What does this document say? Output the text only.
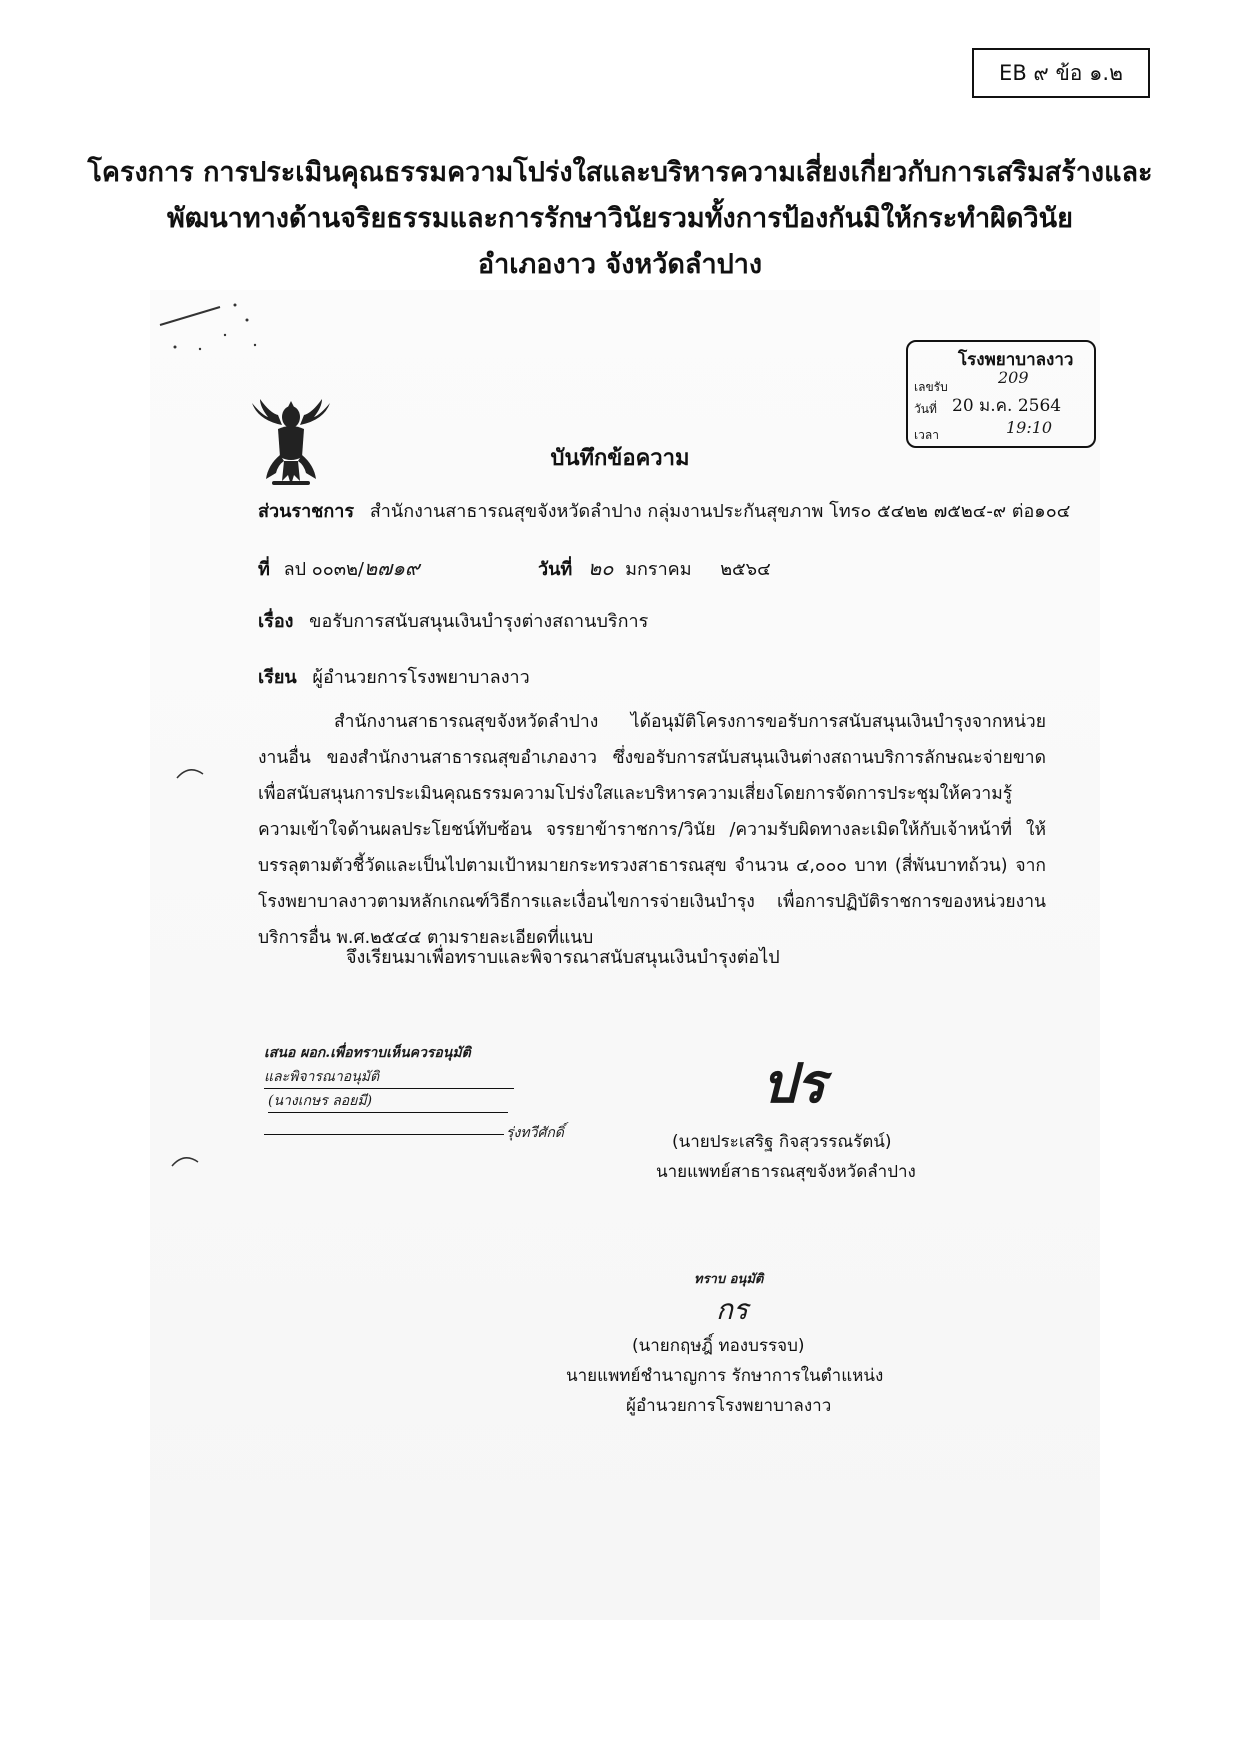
EB ๙ ข้อ ๑.๒
โครงการ การประเมินคุณธรรมความโปร่งใสและบริหารความเสี่ยงเกี่ยวกับการเสริมสร้างและ
พัฒนาทางด้านจริยธรรมและการรักษาวินัยรวมทั้งการป้องกันมิให้กระทำผิดวินัย
อำเภองาว จังหวัดลำปาง
โรงพยาบาลงาว
209
เลขรับ
วันที่ 20 ม.ค. 2564
เวลา	19:10
บันทึกข้อความ
ส่วนราชการ สำนักงานสาธารณสุขจังหวัดลำปาง กลุ่มงานประกันสุขภาพ โทร๐ ๕๔๒๒ ๗๕๒๔-๙ ต่อ๑๐๔
ที่ ลป ๐๐๓๒/๒๗๑๙	วันที่ ๒๐ มกราคม     ๒๕๖๔
เรื่อง ขอรับการสนับสนุนเงินบำรุงต่างสถานบริการ
เรียน ผู้อำนวยการโรงพยาบาลงาว
สำนักงานสาธารณสุขจังหวัดลำปาง ได้อนุมัติโครงการขอรับการสนับสนุนเงินบำรุงจากหน่วยงานอื่น ของสำนักงานสาธารณสุขอำเภองาว ซึ่งขอรับการสนับสนุนเงินต่างสถานบริการลักษณะจ่ายขาด เพื่อสนับสนุนการประเมินคุณธรรมความโปร่งใสและบริหารความเสี่ยงโดยการจัดการประชุมให้ความรู้ ความเข้าใจด้านผลประโยชน์ทับซ้อน จรรยาข้าราชการ/วินัย /ความรับผิดทางละเมิดให้กับเจ้าหน้าที่ ให้บรรลุตามตัวชี้วัดและเป็นไปตามเป้าหมายกระทรวงสาธารณสุข จำนวน ๔,๐๐๐ บาท (สี่พันบาทถ้วน) จากโรงพยาบาลงาวตามหลักเกณฑ์วิธีการและเงื่อนไขการจ่ายเงินบำรุง เพื่อการปฏิบัติราชการของหน่วยงานบริการอื่น พ.ศ.๒๕๔๔ ตามรายละเอียดที่แนบ
จึงเรียนมาเพื่อทราบและพิจารณาสนับสนุนเงินบำรุงต่อไป
เสนอ ผอก.เพื่อทราบเห็นควรอนุมัติ
และพิจารณาอนุมัติ
(นางเกษร ลอยมี)
รุ่งทวีศักดิ์
ปร
(นายประเสริฐ กิจสุวรรณรัตน์)
นายแพทย์สาธารณสุขจังหวัดลำปาง
ทราบ อนุมัติ
กร
(นายกฤษฎิ์ ทองบรรจบ)
นายแพทย์ชำนาญการ รักษาการในตำแหน่ง
ผู้อำนวยการโรงพยาบาลงาว
